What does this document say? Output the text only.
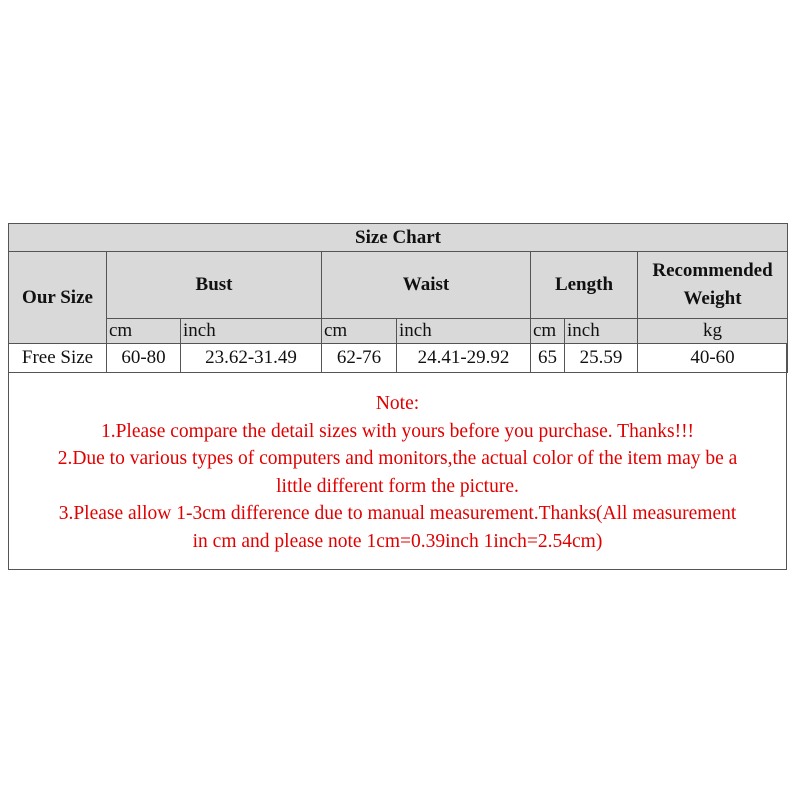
Size Chart							
Our Size	Bust		Waist		Length		Recommended
Weight

	cm	inch	cm	inch	cm	inch	kg
Free Size	60-80	23.62-31.49	62-76	24.41-29.92	65	25.59	40-60
Note:
1.Please compare the detail sizes with yours before you purchase. Thanks!!!
2.Due to various types of computers and monitors,the actual color of the item may be a
little different form the picture.
3.Please allow 1-3cm difference due to manual measurement.Thanks(All measurement
in cm and please note 1cm=0.39inch 1inch=2.54cm)
